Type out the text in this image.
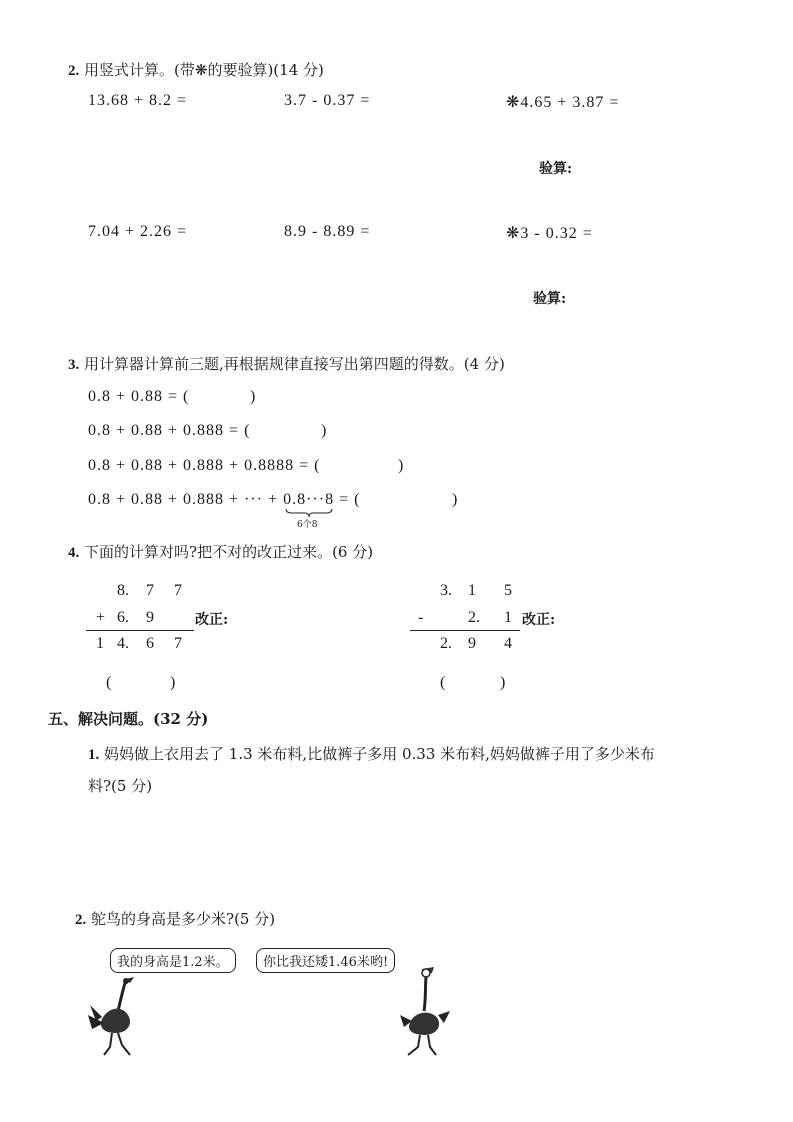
2. 用竖式计算。(带❋的要验算)(14 分)
13.68 + 8.2 =	3.7 - 0.37 =	❋4.65 + 3.87 =
验算:
7.04 + 2.26 =	8.9 - 8.89 =	❋3 - 0.32 =
验算:
3. 用计算器计算前三题,再根据规律直接写出第四题的得数。(4 分)
0.8 + 0.88 = (	)
0.8 + 0.88 + 0.888 = (	)
0.8 + 0.88 + 0.888 + 0.8888 = (	)
0.8 + 0.88 + 0.888 + ··· + 0.8···8 = (	)
6个8
4. 下面的计算对吗?把不对的改正过来。(6 分)
8. 7 7
+ 6. 9
1 4. 6 7
改正:
(	)
3. 1 5
-	2. 1
2. 9 4
改正:
(	)
五、解决问题。(32 分)
1. 妈妈做上衣用去了 1.3 米布料,比做裤子多用 0.33 米布料,妈妈做裤子用了多少米布
料?(5 分)
2. 鸵鸟的身高是多少米?(5 分)
我的身高是1.2米。	你比我还矮1.46米哟!
